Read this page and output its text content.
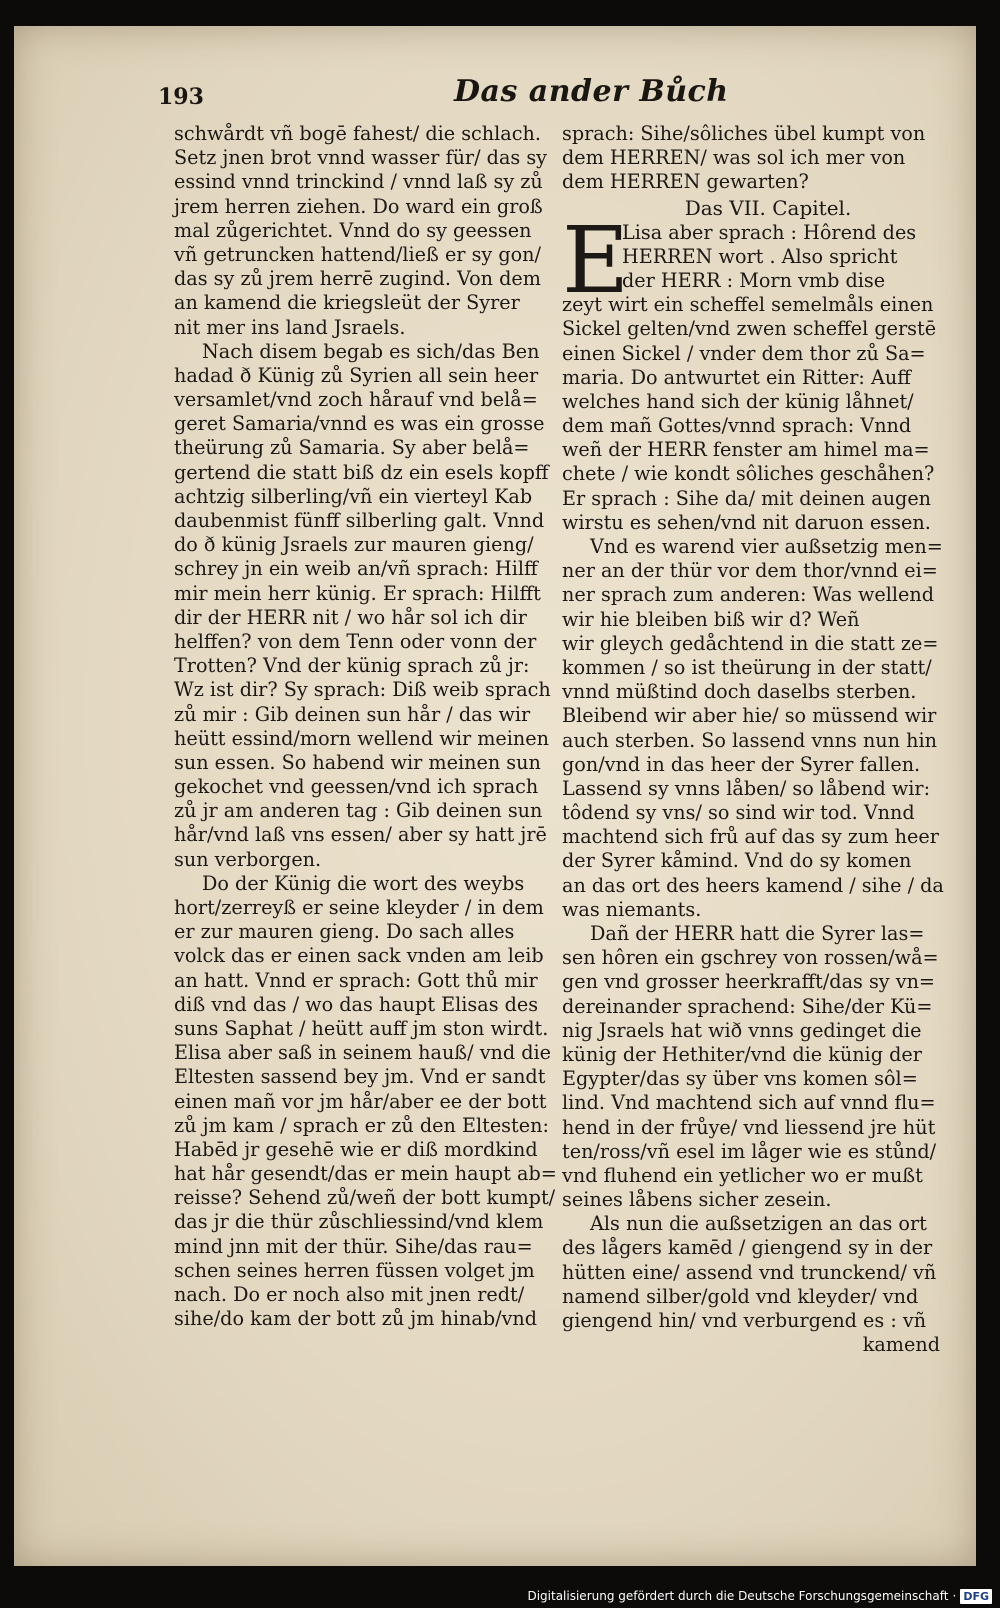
193	Das ander Bůch
schwårdt vñ bogē fahest/ die schlach.
Setz jnen brot vnnd wasser für/ das sy
essind vnnd trinckind / vnnd laß sy zů
jrem herren ziehen. Do ward ein groß
mal zůgerichtet. Vnnd do sy geessen
vñ getruncken hattend/ließ er sy gon/
das sy zů jrem herrē zugind. Von dem
an kamend die kriegsleüt der Syrer
nit mer ins land Jsraels.
Nach disem begab es sich/das Ben
hadad ð Künig zů Syrien all sein heer
versamlet/vnd zoch hårauf vnd belå=
geret Samaria/vnnd es was ein grosse
theürung zů Samaria. Sy aber belå=
gertend die statt biß dz ein esels kopff
achtzig silberling/vñ ein vierteyl Kab
daubenmist fünff silberling galt. Vnnd
do ð künig Jsraels zur mauren gieng/
schrey jn ein weib an/vñ sprach: Hilff
mir mein herr künig. Er sprach: Hilfft
dir der HERR nit / wo hår sol ich dir
helffen? von dem Tenn oder vonn der
Trotten? Vnd der künig sprach zů jr:
Wz ist dir? Sy sprach: Diß weib sprach
zů mir : Gib deinen sun hår / das wir
heütt essind/morn wellend wir meinen
sun essen. So habend wir meinen sun
gekochet vnd geessen/vnd ich sprach
zů jr am anderen tag : Gib deinen sun
hår/vnd laß vns essen/ aber sy hatt jrē
sun verborgen.
Do der Künig die wort des weybs
hort/zerreyß er seine kleyder / in dem
er zur mauren gieng. Do sach alles
volck das er einen sack vnden am leib
an hatt. Vnnd er sprach: Gott thů mir
diß vnd das / wo das haupt Elisas des
suns Saphat / heütt auff jm ston wirdt.
Elisa aber saß in seinem hauß/ vnd die
Eltesten sassend bey jm. Vnd er sandt
einen mañ vor jm hår/aber ee der bott
zů jm kam / sprach er zů den Eltesten:
Habēd jr gesehē wie er diß mordkind
hat hår gesendt/das er mein haupt ab=
reisse? Sehend zů/weñ der bott kumpt/
das jr die thür zůschliessind/vnd klem
mind jnn mit der thür. Sihe/das rau=
schen seines herren füssen volget jm
nach. Do er noch also mit jnen redt/
sihe/do kam der bott zů jm hinab/vnd
sprach: Sihe/sôliches übel kumpt von
dem HERREN/ was sol ich mer von
dem HERREN gewarten?
Das VII. Capitel.
E
Lisa aber sprach : Hôrend des
HERREN wort . Also spricht
der HERR : Morn vmb dise
zeyt wirt ein scheffel semelmåls einen
Sickel gelten/vnd zwen scheffel gerstē
einen Sickel / vnder dem thor zů Sa=
maria. Do antwurtet ein Ritter: Auff
welches hand sich der künig låhnet/
dem mañ Gottes/vnnd sprach: Vnnd
weñ der HERR fenster am himel ma=
chete / wie kondt sôliches geschåhen?
Er sprach : Sihe da/ mit deinen augen
wirstu es sehen/vnd nit daruon essen.
Vnd es warend vier außsetzig men=
ner an der thür vor dem thor/vnnd ei=
ner sprach zum anderen: Was wellend
wir hie bleiben biß wir d? Weñ
wir gleych gedåchtend in die statt ze=
kommen / so ist theürung in der statt/
vnnd müßtind doch daselbs sterben.
Bleibend wir aber hie/ so müssend wir
auch sterben. So lassend vnns nun hin
gon/vnd in das heer der Syrer fallen.
Lassend sy vnns låben/ so låbend wir:
tôdend sy vns/ so sind wir tod. Vnnd
machtend sich frů auf das sy zum heer
der Syrer kåmind. Vnd do sy komen
an das ort des heers kamend / sihe / da
was niemants.
Dañ der HERR hatt die Syrer las=
sen hôren ein gschrey von rossen/wå=
gen vnd grosser heerkrafft/das sy vn=
dereinander sprachend: Sihe/der Kü=
nig Jsraels hat wið vnns gedinget die
künig der Hethiter/vnd die künig der
Egypter/das sy über vns komen sôl=
lind. Vnd machtend sich auf vnnd flu=
hend in der frůye/ vnd liessend jre hüt
ten/ross/vñ esel im låger wie es stůnd/
vnd fluhend ein yetlicher wo er mußt
seines låbens sicher zesein.
Als nun die außsetzigen an das ort
des lågers kamēd / giengend sy in der
hütten eine/ assend vnd trunckend/ vñ
namend silber/gold vnd kleyder/ vnd
giengend hin/ vnd verburgend es : vñ
kamend
Digitalisierung gefördert durch die Deutsche Forschungsgemeinschaft · DFG
